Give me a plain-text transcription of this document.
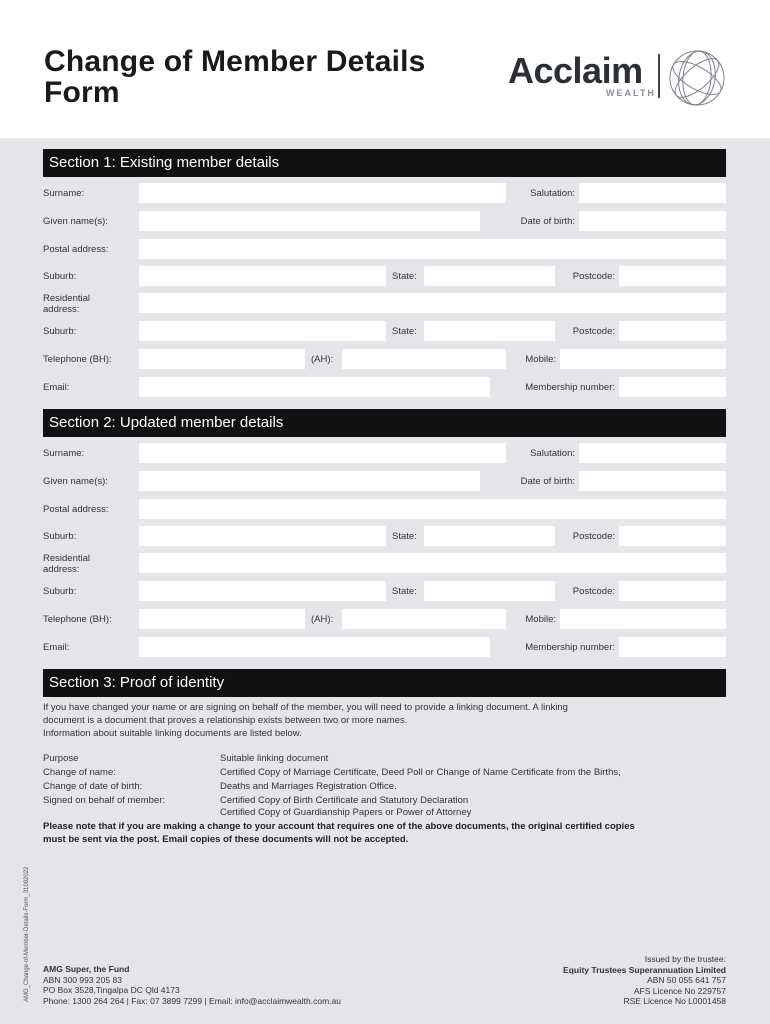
Change of Member Details
Form
Acclaim
WEALTH
Section 1: Existing member details
Surname:	Salutation:
Given name(s):	Date of birth:
Postal address:
Suburb:	State:	Postcode:
Residential
address:
Suburb:	State:	Postcode:
Telephone (BH):	(AH):	Mobile:
Email:	Membership number:
Section 2: Updated member details
Surname:	Salutation:
Given name(s):	Date of birth:
Postal address:
Suburb:	State:	Postcode:
Residential
address:
Suburb:	State:	Postcode:
Telephone (BH):	(AH):	Mobile:
Email:	Membership number:
Section 3: Proof of identity

If you have changed your name or are signing on behalf of the member, you will need to provide a linking document. A linking
document is a document that proves a relationship exists between two or more names.
Information about suitable linking documents are listed below.

Purpose	Suitable linking document
Change of name:	Certified Copy of Marriage Certificate, Deed Poll or Change of Name Certificate from the Births,
Change of date of birth:	Deaths and Marriages Registration Office.
Signed on behalf of member:	Certified Copy of Birth Certificate and Statutory Declaration
Certified Copy of Guardianship Papers or Power of Attorney

Please note that if you are making a change to your account that requires one of the above documents, the original certified copies
must be sent via the post. Email copies of these documents will not be accepted.

AMG_Change-of-Member-Details-Form_31082022 AMG Super, the Fund
ABN 300 993 205 83
PO Box 3528,Tingalpa DC Qld 4173
Phone: 1300 264 264 | Fax: 07 3899 7299 | Email: info@acclaimwealth.com.au
Issued by the trustee:
Equity Trustees Superannuation Limited
ABN 50 055 641 757
AFS Licence No 229757
RSE Licence No L0001458
